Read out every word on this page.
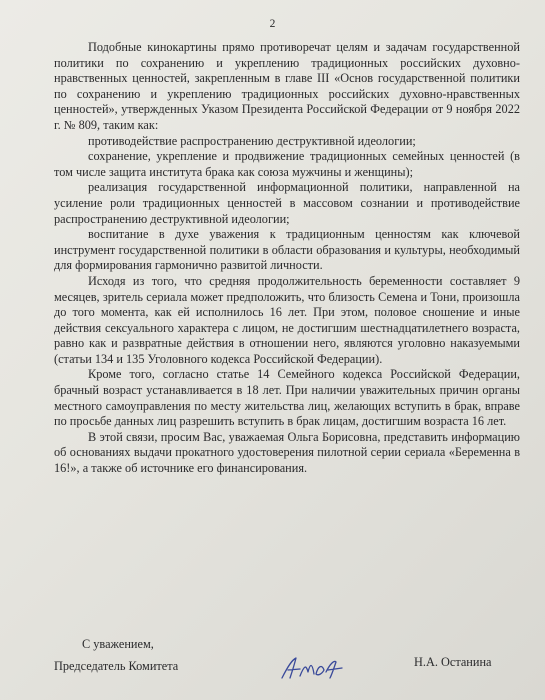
2

Подобные кинокартины прямо противоречат целям и задачам государственной политики по сохранению и укреплению традиционных российских духовно-нравственных ценностей, закрепленным в главе III «Основ государственной политики по сохранению и укреплению традиционных российских духовно-нравственных ценностей», утвержденных Указом Президента Российской Федерации от 9 ноября 2022 г. № 809, таким как:

противодействие распространению деструктивной идеологии;

сохранение, укрепление и продвижение традиционных семейных ценностей (в том числе защита института брака как союза мужчины и женщины);

реализация государственной информационной политики, направленной на усиление роли традиционных ценностей в массовом сознании и противодействие распространению деструктивной идеологии;

воспитание в духе уважения к традиционным ценностям как ключевой инструмент государственной политики в области образования и культуры, необходимый для формирования гармонично развитой личности.

Исходя из того, что средняя продолжительность беременности составляет 9 месяцев, зритель сериала может предположить, что близость Семена и Тони, произошла до того момента, как ей исполнилось 16 лет. При этом, половое сношение и иные действия сексуального характера с лицом, не достигшим шестнадцатилетнего возраста, равно как и развратные действия в отношении него, являются уголовно наказуемыми (статьи 134 и 135 Уголовного кодекса Российской Федерации).

Кроме того, согласно статье 14 Семейного кодекса Российской Федерации, брачный возраст устанавливается в 18 лет. При наличии уважительных причин органы местного самоуправления по месту жительства лиц, желающих вступить в брак, вправе по просьбе данных лиц разрешить вступить в брак лицам, достигшим возраста 16 лет.

В этой связи, просим Вас, уважаемая Ольга Борисовна, представить информацию об основаниях выдачи прокатного удостоверения пилотной серии сериала «Беременна в 16!», а также об источнике его финансирования.

С уважением,
Председатель Комитета	Н.А. Останина
